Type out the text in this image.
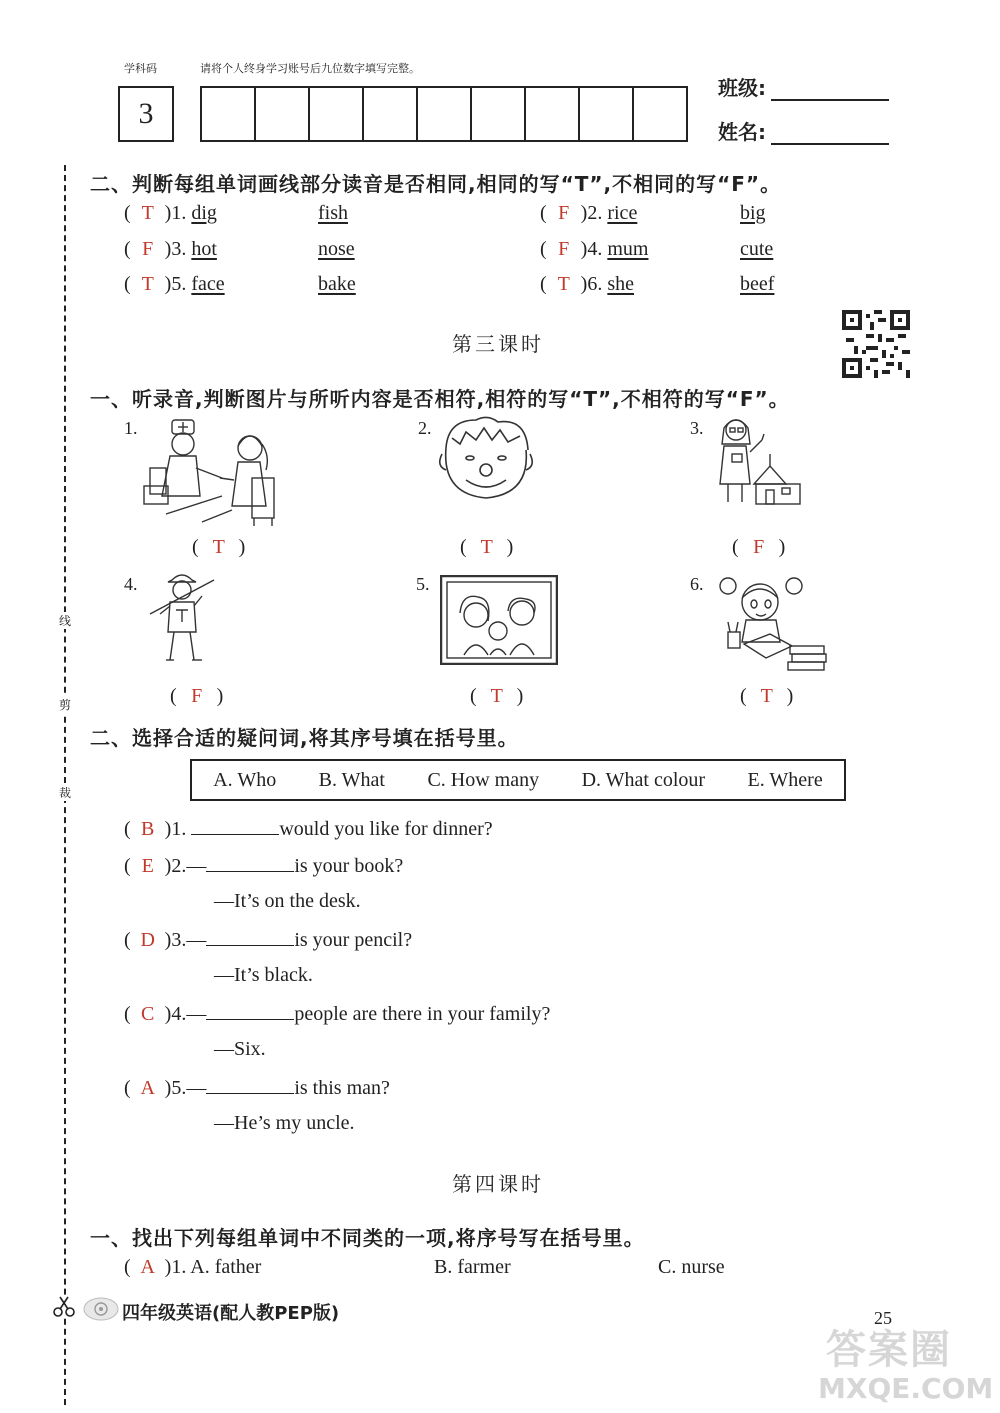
学科码	请将个人终身学习账号后九位数字填写完整。
3
班级:
姓名:
线
剪
裁
二、判断每组单词画线部分读音是否相同,相同的写“T”,不相同的写“F”。
( T )1. dig	fish	( F )2. rice	big
( F )3. hot	nose	( F )4. mum	cute
( T )5. face	bake	( T )6. she	beef
第三课时
一、听录音,判断图片与所听内容是否相符,相符的写“T”,不相符的写“F”。
1.
( T )
2.
( T )
3.
( F )
4.
( F )
5.
( T )
6.
( T )
二、选择合适的疑问词,将其序号填在括号里。
A. Who B. What C. How many D. What colour E. Where
( B )1.	would you like for dinner?
( E )2.—	is your book?
—It’s on the desk.
( D )3.—	is your pencil?
—It’s black.
( C )4.—	people are there in your family?
—Six.
( A )5.—	is this man?
—He’s my uncle.
第四课时
一、找出下列每组单词中不同类的一项,将序号写在括号里。
( A )1. A. father	B. farmer	C. nurse
四年级英语(配人教PEP版)	25
答案圈
MXQE.COM
